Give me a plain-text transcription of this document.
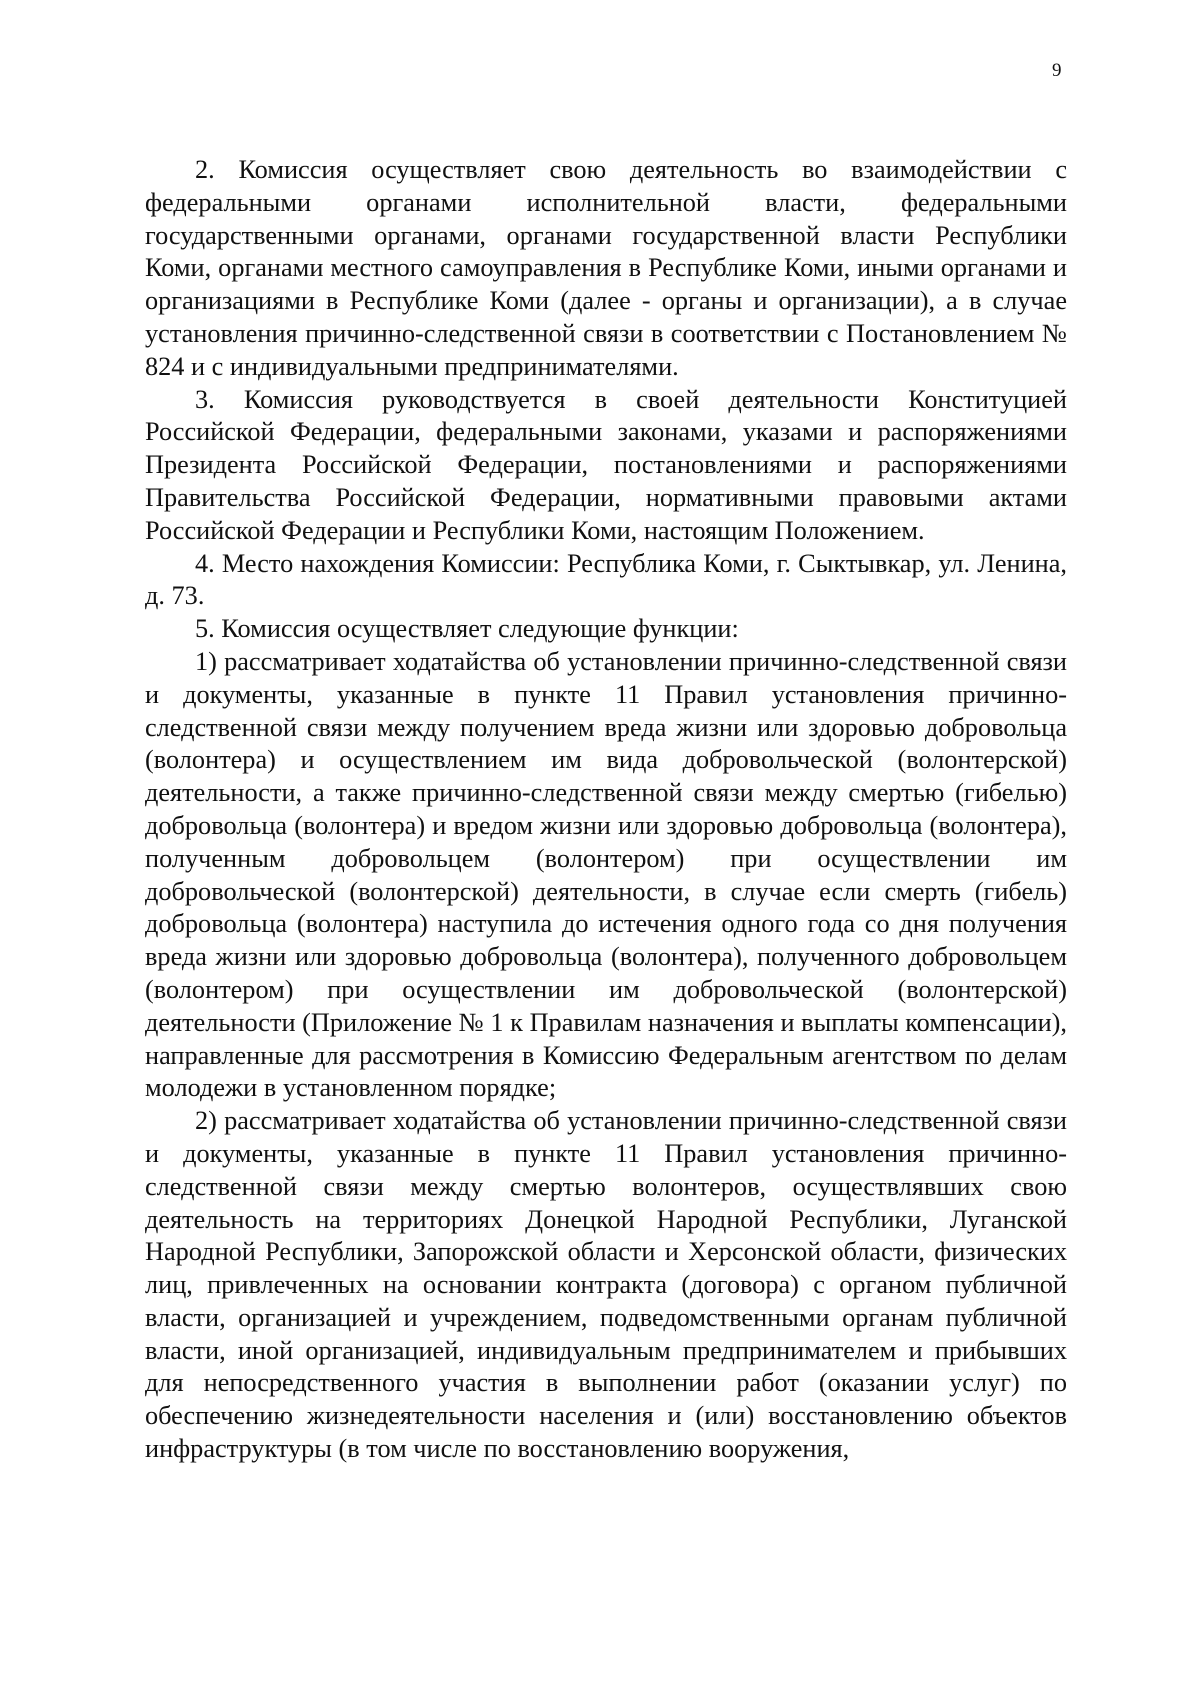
9

2. Комиссия осуществляет свою деятельность во взаимодействии с федеральными органами исполнительной власти, федеральными государственными органами, органами государственной власти Республики Коми, органами местного самоуправления в Республике Коми, иными органами и организациями в Республике Коми (далее - органы и организации), а в случае установления причинно-следственной связи в соответствии с Постановлением № 824 и с индивидуальными предпринимателями.

3. Комиссия руководствуется в своей деятельности Конституцией Российской Федерации, федеральными законами, указами и распоряжениями Президента Российской Федерации, постановлениями и распоряжениями Правительства Российской Федерации, нормативными правовыми актами Российской Федерации и Республики Коми, настоящим Положением.

4. Место нахождения Комиссии: Республика Коми, г. Сыктывкар, ул. Ленина, д. 73.

5. Комиссия осуществляет следующие функции:

1) рассматривает ходатайства об установлении причинно-следственной связи и документы, указанные в пункте 11 Правил установления причинно-следственной связи между получением вреда жизни или здоровью добровольца (волонтера) и осуществлением им вида добровольческой (волонтерской) деятельности, а также причинно-следственной связи между смертью (гибелью) добровольца (волонтера) и вредом жизни или здоровью добровольца (волонтера), полученным добровольцем (волонтером) при осуществлении им добровольческой (волонтерской) деятельности, в случае если смерть (гибель) добровольца (волонтера) наступила до истечения одного года со дня получения вреда жизни или здоровью добровольца (волонтера), полученного добровольцем (волонтером) при осуществлении им добровольческой (волонтерской) деятельности (Приложение № 1 к Правилам назначения и выплаты компенсации), направленные для рассмотрения в Комиссию Федеральным агентством по делам молодежи в установленном порядке;

2) рассматривает ходатайства об установлении причинно-следственной связи и документы, указанные в пункте 11 Правил установления причинно-следственной связи между смертью волонтеров, осуществлявших свою деятельность на территориях Донецкой Народной Республики, Луганской Народной Республики, Запорожской области и Херсонской области, физических лиц, привлеченных на основании контракта (договора) с органом публичной власти, организацией и учреждением, подведомственными органам публичной власти, иной организацией, индивидуальным предпринимателем и прибывших для непосредственного участия в выполнении работ (оказании услуг) по обеспечению жизнедеятельности населения и (или) восстановлению объектов инфраструктуры (в том числе по восстановлению вооружения,
